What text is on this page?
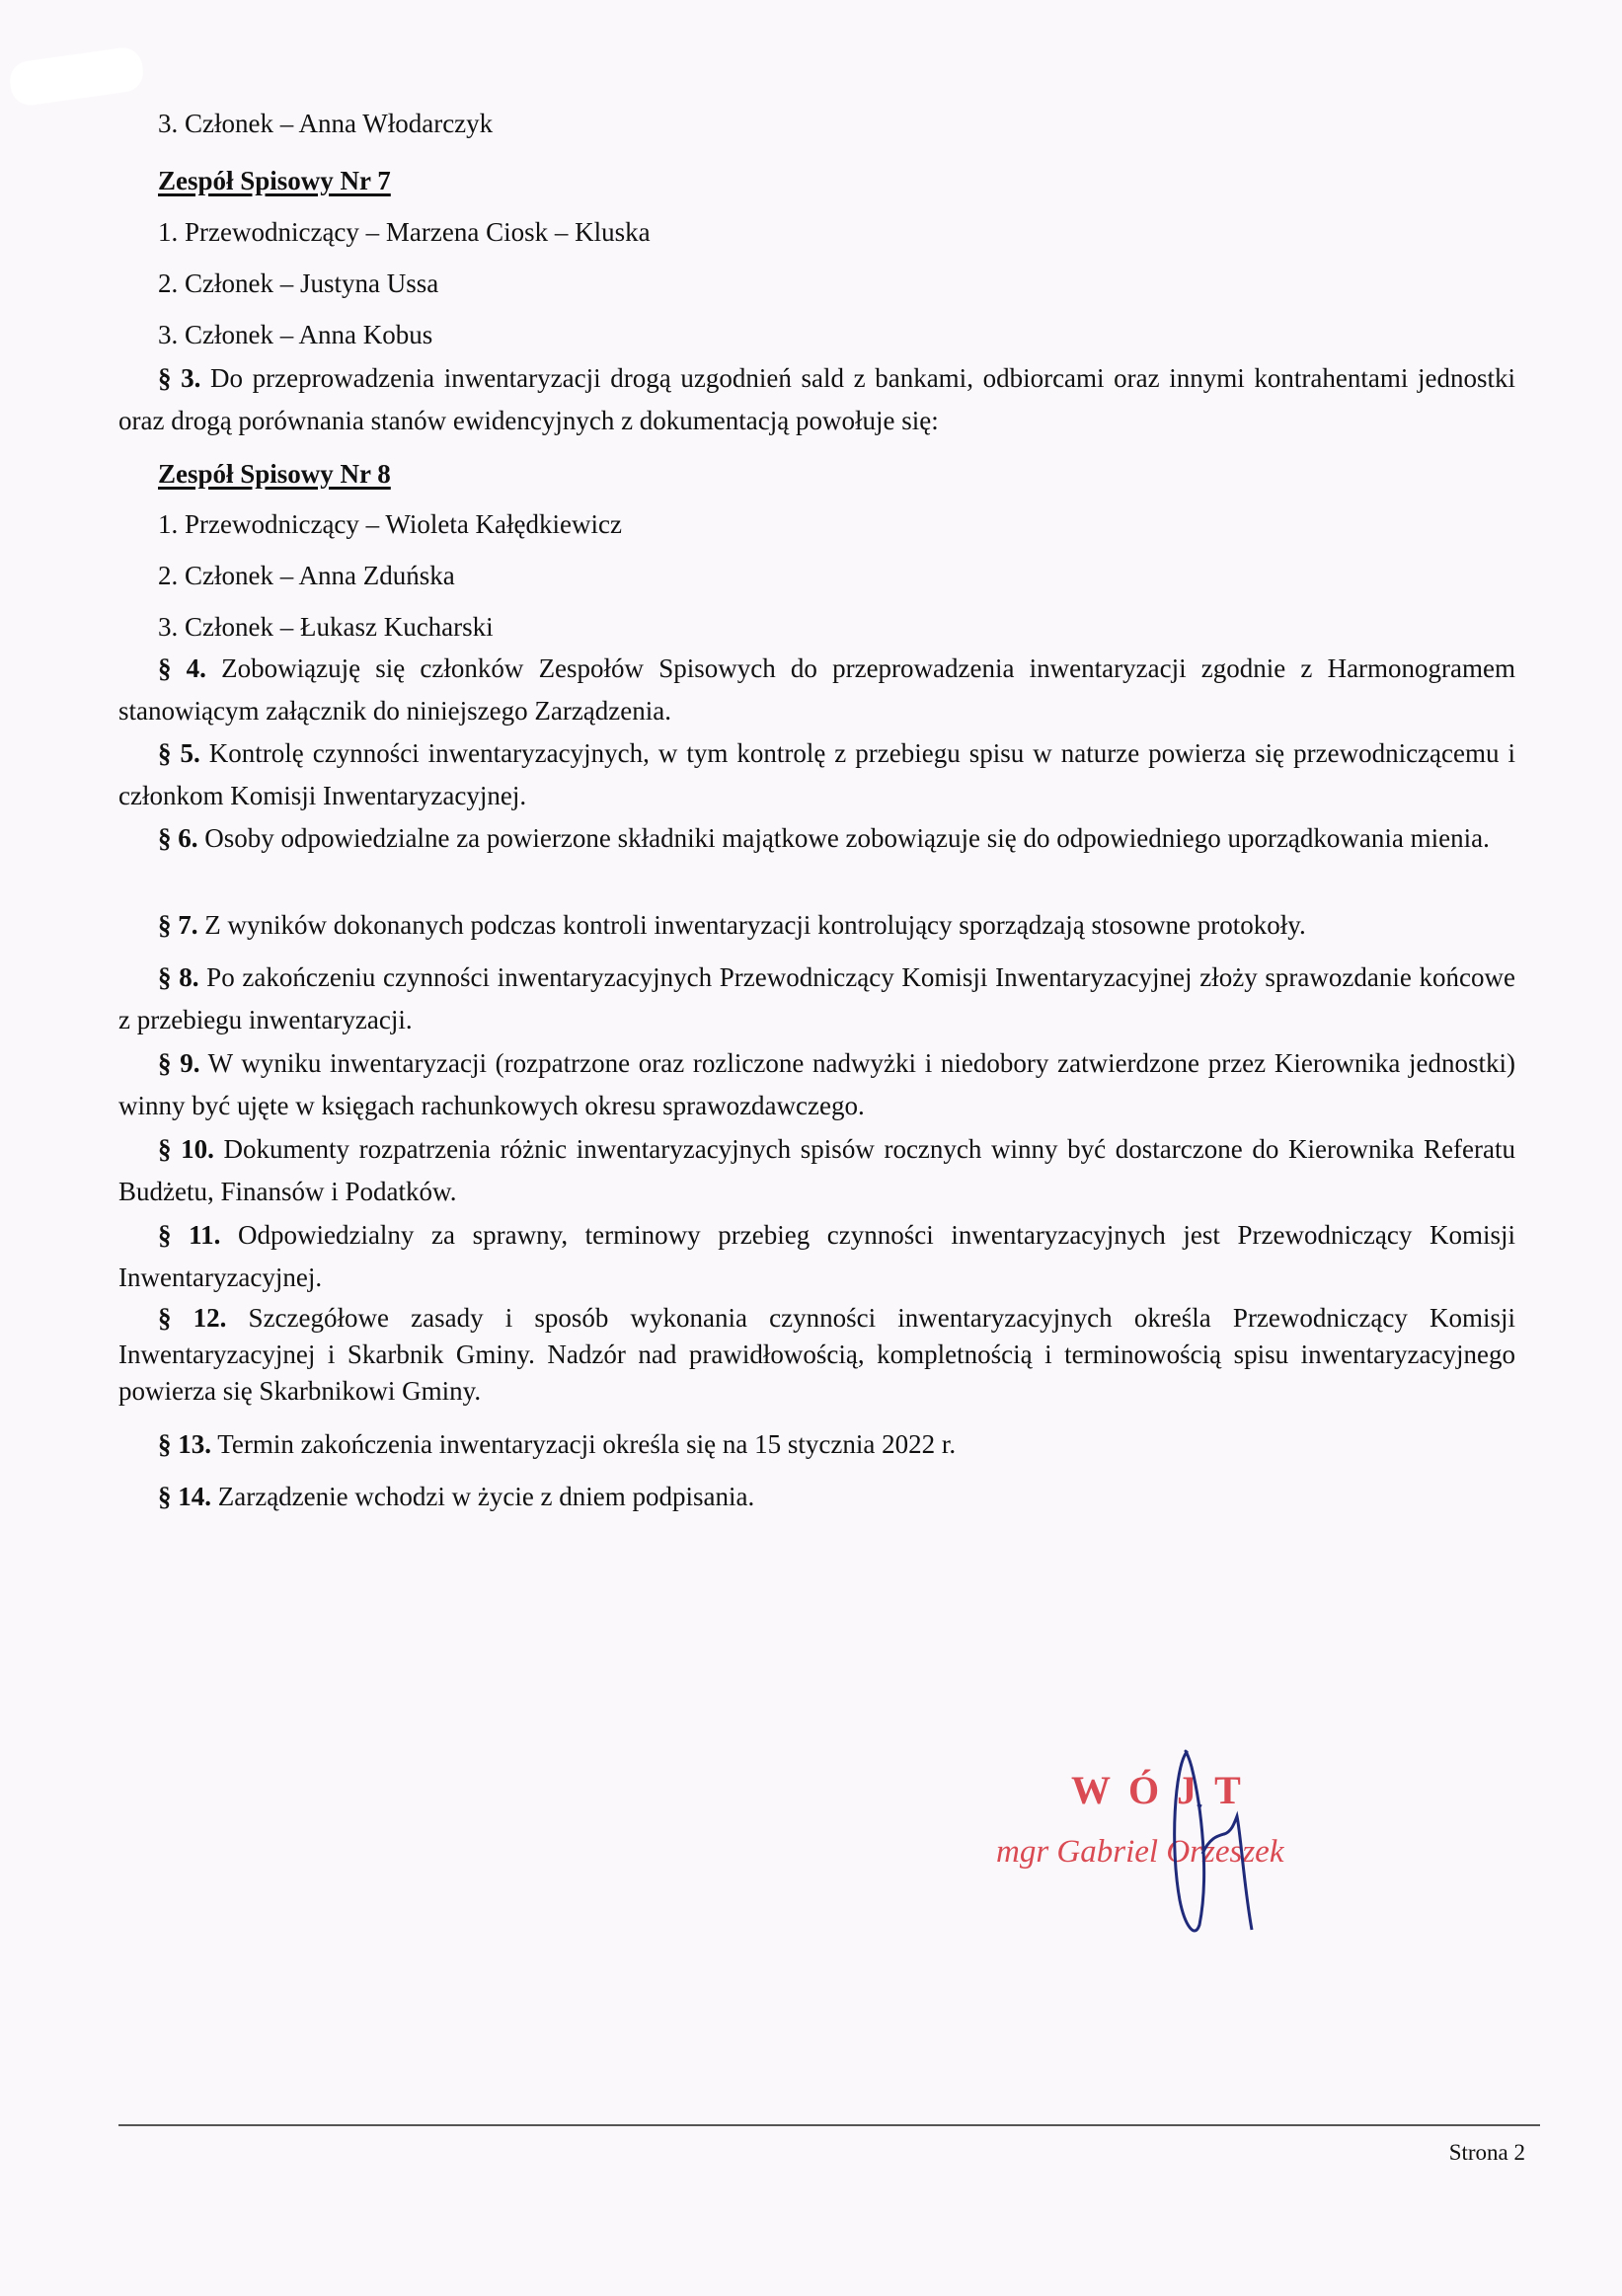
3. Członek – Anna Włodarczyk
Zespół Spisowy Nr 7
1. Przewodniczący – Marzena Ciosk – Kluska
2. Członek – Justyna Ussa
3. Członek – Anna Kobus
§ 3. Do przeprowadzenia inwentaryzacji drogą uzgodnień sald z bankami, odbiorcami oraz innymi kontrahentami jednostki oraz drogą porównania stanów ewidencyjnych z dokumentacją powołuje się:
Zespół Spisowy Nr 8
1. Przewodniczący – Wioleta Kałędkiewicz
2. Członek – Anna Zduńska
3. Członek – Łukasz Kucharski
§ 4. Zobowiązuję się członków Zespołów Spisowych do przeprowadzenia inwentaryzacji zgodnie z Harmonogramem stanowiącym załącznik do niniejszego Zarządzenia.
§ 5. Kontrolę czynności inwentaryzacyjnych, w tym kontrolę z przebiegu spisu w naturze powierza się przewodniczącemu i członkom Komisji Inwentaryzacyjnej.
§ 6. Osoby odpowiedzialne za powierzone składniki majątkowe zobowiązuje się do odpowiedniego uporządkowania mienia.
§ 7. Z wyników dokonanych podczas kontroli inwentaryzacji kontrolujący sporządzają stosowne protokoły.
§ 8. Po zakończeniu czynności inwentaryzacyjnych Przewodniczący Komisji Inwentaryzacyjnej złoży sprawozdanie końcowe z przebiegu inwentaryzacji.
§ 9. W wyniku inwentaryzacji (rozpatrzone oraz rozliczone nadwyżki i niedobory zatwierdzone przez Kierownika jednostki) winny być ujęte w księgach rachunkowych okresu sprawozdawczego.
§ 10. Dokumenty rozpatrzenia różnic inwentaryzacyjnych spisów rocznych winny być dostarczone do Kierownika Referatu Budżetu, Finansów i Podatków.
§ 11. Odpowiedzialny za sprawny, terminowy przebieg czynności inwentaryzacyjnych jest Przewodniczący Komisji Inwentaryzacyjnej.
§ 12. Szczegółowe zasady i sposób wykonania czynności inwentaryzacyjnych określa Przewodniczący Komisji Inwentaryzacyjnej i Skarbnik Gminy. Nadzór nad prawidłowością, kompletnością i terminowością spisu inwentaryzacyjnego powierza się Skarbnikowi Gminy.
§ 13. Termin zakończenia inwentaryzacji określa się na 15 stycznia 2022 r.
§ 14. Zarządzenie wchodzi w życie z dniem podpisania.
WÓJT
mgr Gabriel Orzeszek
Strona 2
